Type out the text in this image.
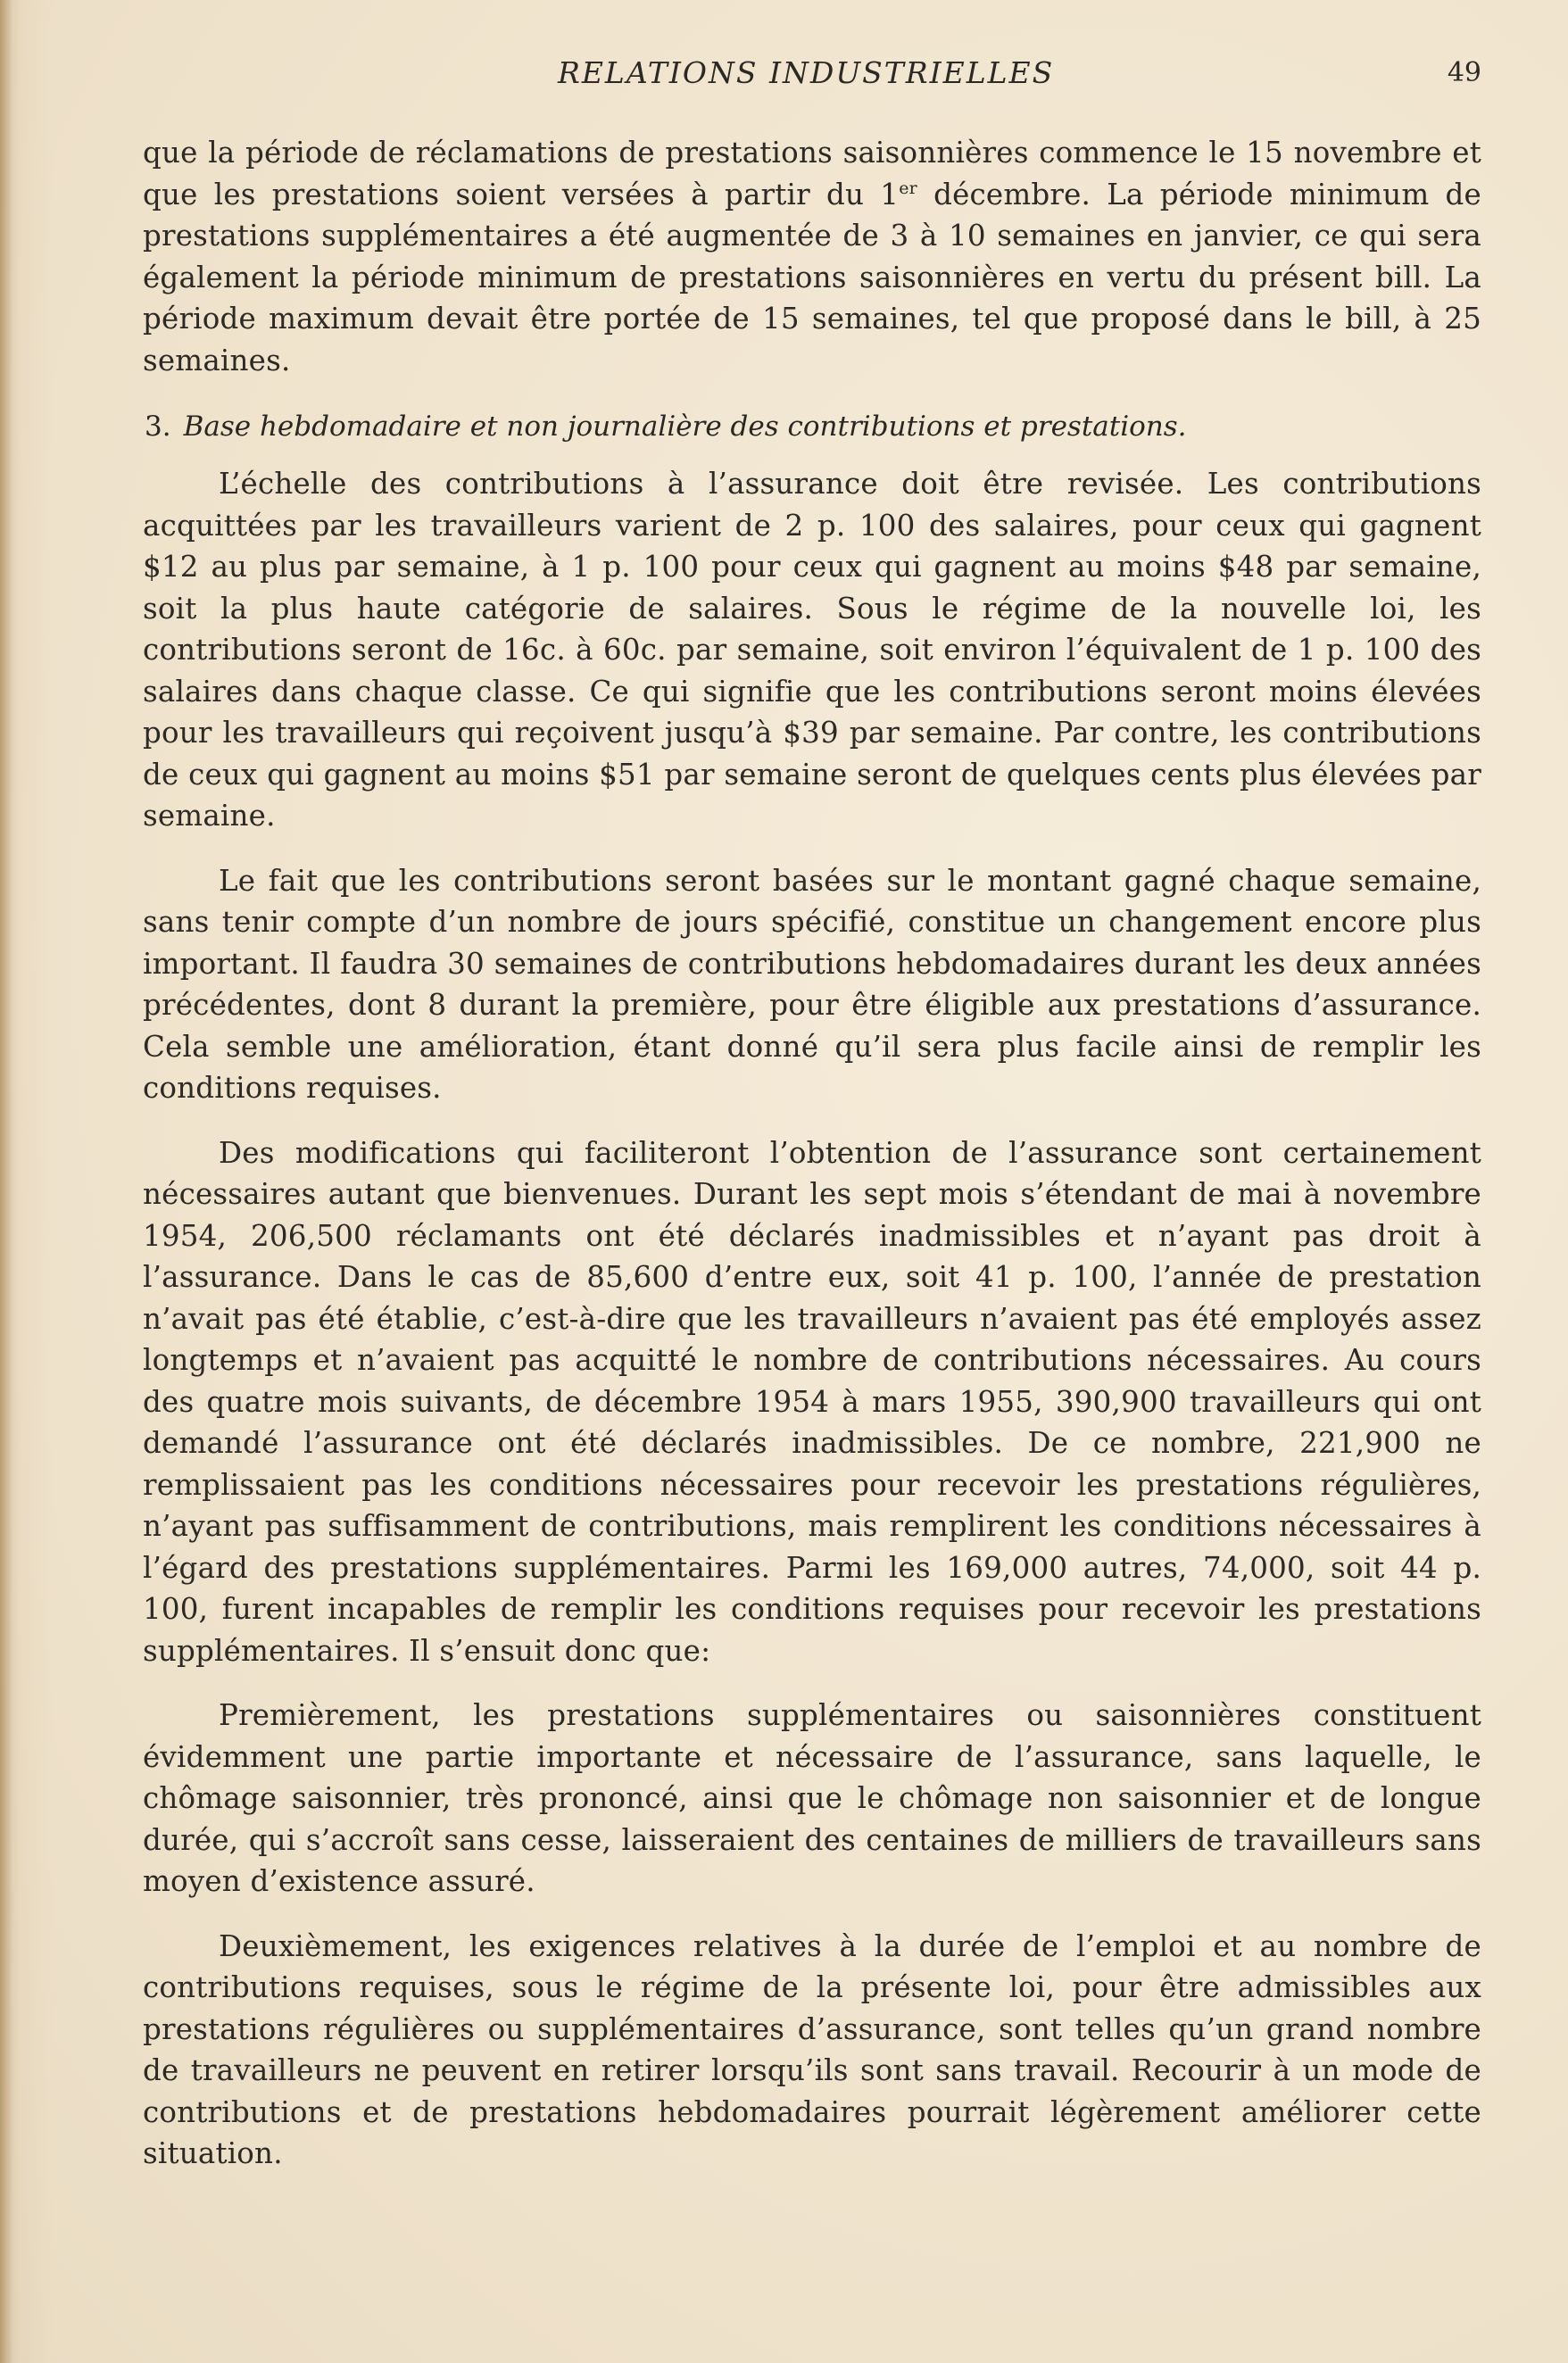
RELATIONS INDUSTRIELLES	49

que la période de réclamations de prestations saisonnières commence le 15 novembre et que les prestations soient versées à partir du 1er décembre. La période minimum de prestations supplémentaires a été augmentée de 3 à 10 semaines en janvier, ce qui sera également la période minimum de prestations saisonnières en vertu du présent bill. La période maximum devait être portée de 15 semaines, tel que proposé dans le bill, à 25 semaines.

3. Base hebdomadaire et non journalière des contributions et prestations.

L’échelle des contributions à l’assurance doit être revisée. Les contributions acquittées par les travailleurs varient de 2 p. 100 des salaires, pour ceux qui gagnent $12 au plus par semaine, à 1 p. 100 pour ceux qui gagnent au moins $48 par semaine, soit la plus haute catégorie de salaires. Sous le régime de la nouvelle loi, les contributions seront de 16c. à 60c. par semaine, soit environ l’équivalent de 1 p. 100 des salaires dans chaque classe. Ce qui signifie que les contributions seront moins élevées pour les travailleurs qui reçoivent jusqu’à $39 par semaine. Par contre, les contributions de ceux qui gagnent au moins $51 par semaine seront de quelques cents plus élevées par semaine.

Le fait que les contributions seront basées sur le montant gagné chaque semaine, sans tenir compte d’un nombre de jours spécifié, constitue un changement encore plus important. Il faudra 30 semaines de contributions hebdomadaires durant les deux années précédentes, dont 8 durant la première, pour être éligible aux prestations d’assurance. Cela semble une amélioration, étant donné qu’il sera plus facile ainsi de remplir les conditions requises.

Des modifications qui faciliteront l’obtention de l’assurance sont certainement nécessaires autant que bienvenues. Durant les sept mois s’étendant de mai à novembre 1954, 206,500 réclamants ont été déclarés inadmissibles et n’ayant pas droit à l’assurance. Dans le cas de 85,600 d’entre eux, soit 41 p. 100, l’année de prestation n’avait pas été établie, c’est-à-dire que les travailleurs n’avaient pas été employés assez longtemps et n’avaient pas acquitté le nombre de contributions nécessaires. Au cours des quatre mois suivants, de décembre 1954 à mars 1955, 390,900 travailleurs qui ont demandé l’assurance ont été déclarés inadmissibles. De ce nombre, 221,900 ne remplissaient pas les conditions nécessaires pour recevoir les prestations régulières, n’ayant pas suffisamment de contributions, mais remplirent les conditions nécessaires à l’égard des prestations supplémentaires. Parmi les 169,000 autres, 74,000, soit 44 p. 100, furent incapables de remplir les conditions requises pour recevoir les prestations supplémentaires. Il s’ensuit donc que:

Premièrement, les prestations supplémentaires ou saisonnières constituent évidemment une partie importante et nécessaire de l’assurance, sans laquelle, le chômage saisonnier, très prononcé, ainsi que le chômage non saisonnier et de longue durée, qui s’accroît sans cesse, laisseraient des centaines de milliers de travailleurs sans moyen d’existence assuré.

Deuxièmement, les exigences relatives à la durée de l’emploi et au nombre de contributions requises, sous le régime de la présente loi, pour être admissibles aux prestations régulières ou supplémentaires d’assurance, sont telles qu’un grand nombre de travailleurs ne peuvent en retirer lorsqu’ils sont sans travail. Recourir à un mode de contributions et de prestations hebdomadaires pourrait légèrement améliorer cette situation.
